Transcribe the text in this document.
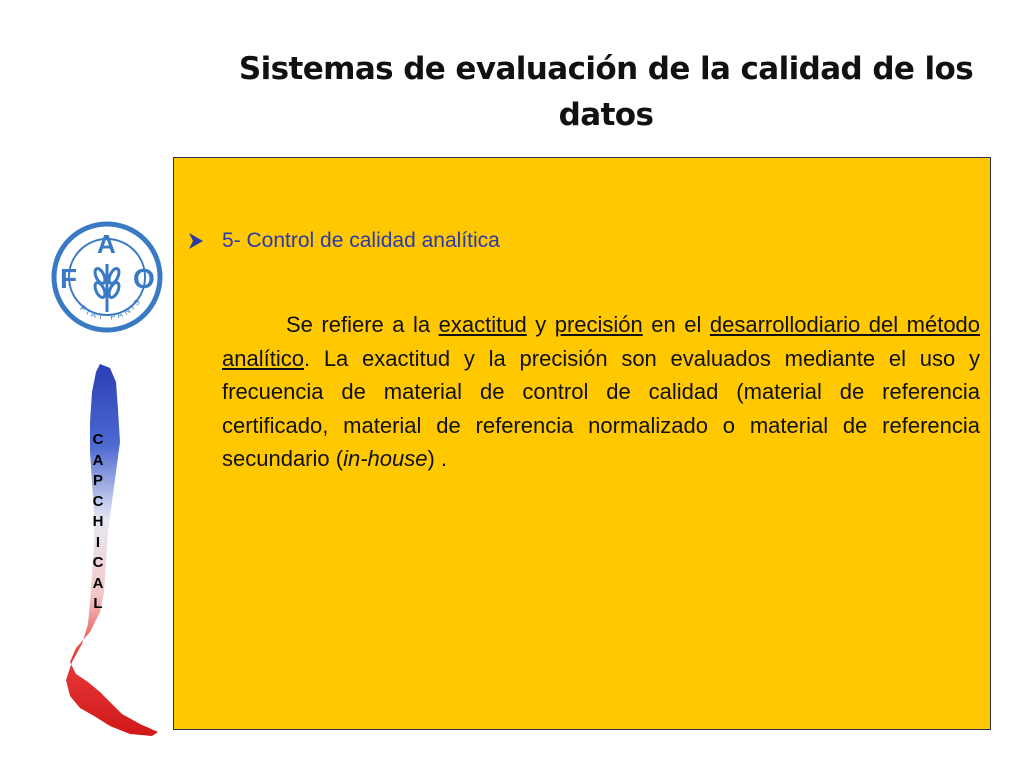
Sistemas de evaluación de la calidad de los datos
F
A
O
FIAT PANIS
C
A
P
C
H
I
C
A
L
5- Control de calidad analítica
Se refiere a la exactitud y precisión en el desarrollodiario del método analítico. La exactitud y la precisión son evaluados mediante el uso y frecuencia de material de control de calidad (material de referencia certificado, material de referencia normalizado o material de referencia secundario (in-house) .
